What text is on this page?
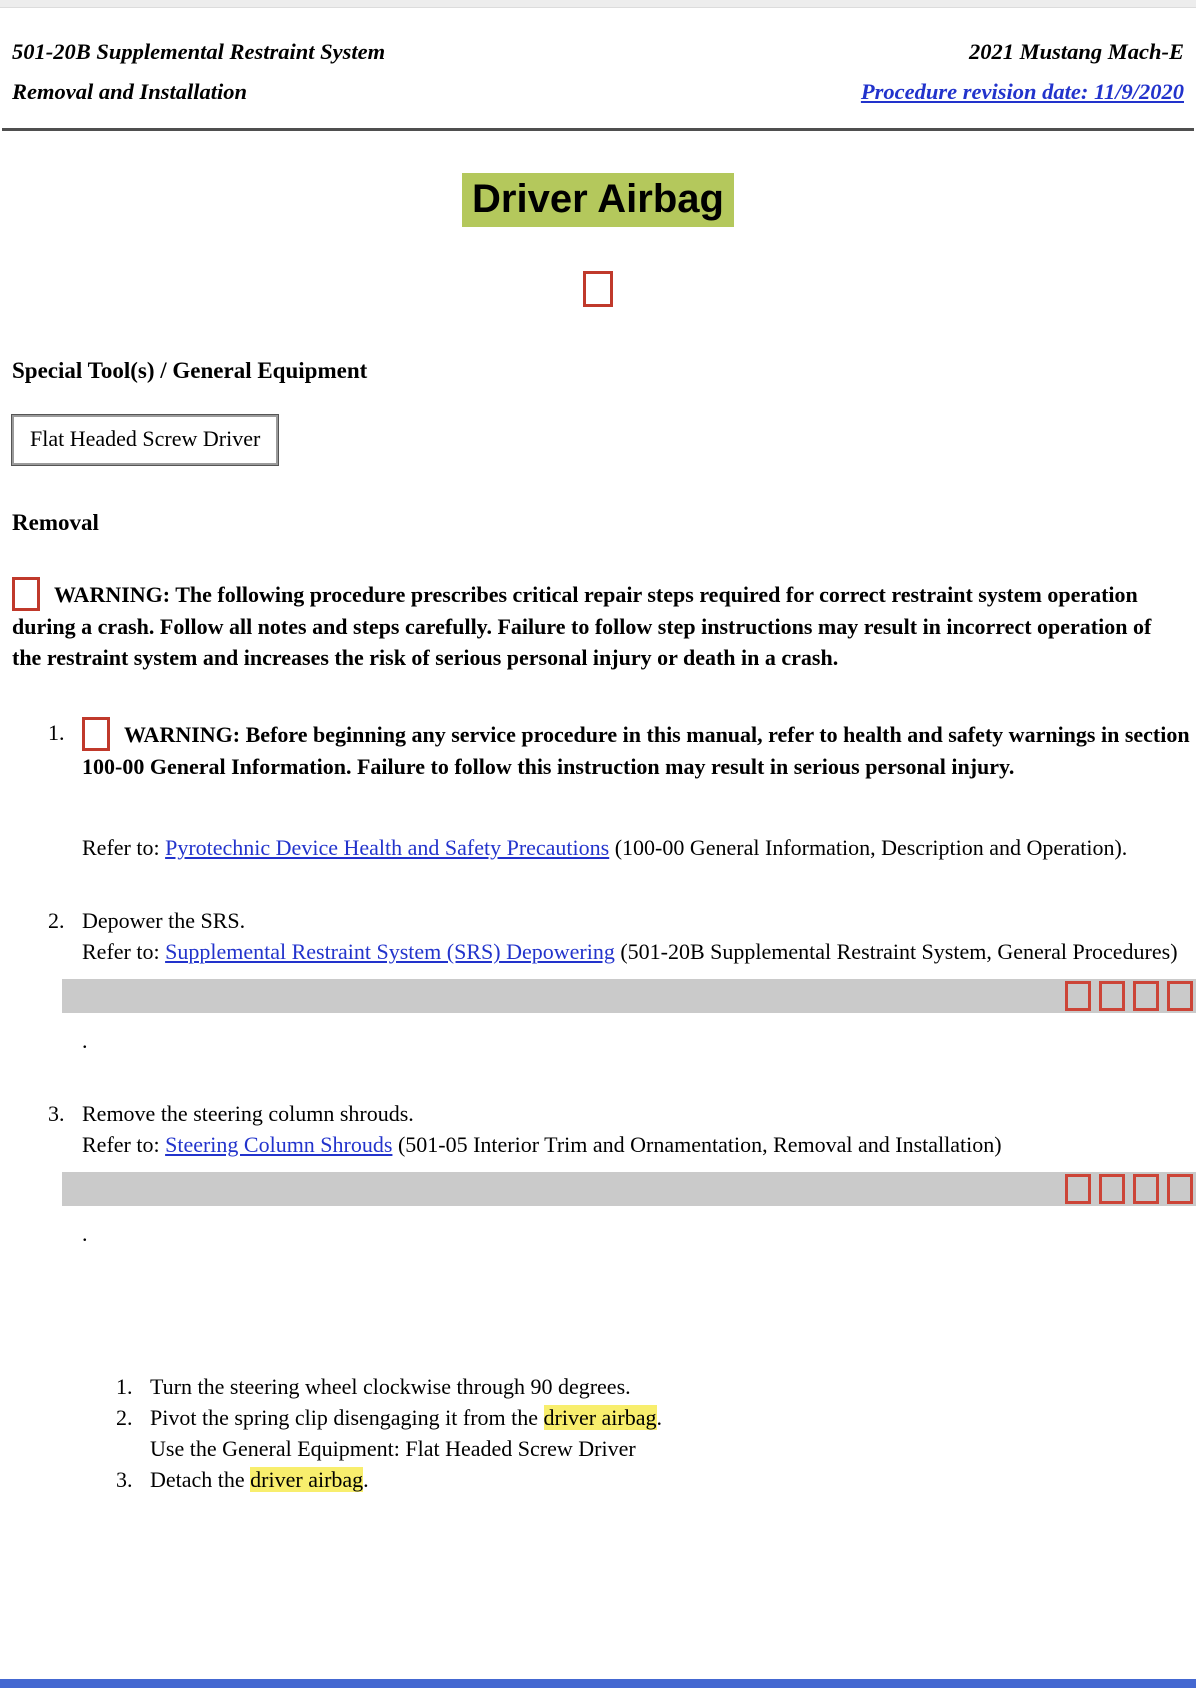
501-20B Supplemental Restraint System
Removal and Installation
2021 Mustang Mach-E
Procedure revision date: 11/9/2020
Driver Airbag
Special Tool(s) / General Equipment
Flat Headed Screw Driver
Removal

WARNING: The following procedure prescribes critical repair steps required for correct restraint system operation during a crash. Follow all notes and steps carefully. Failure to follow step instructions may result in incorrect operation of the restraint system and increases the risk of serious personal injury or death in a crash.

1.	WARNING: Before beginning any service procedure in this manual, refer to health and safety warnings in section 100-00 General Information. Failure to follow this instruction may result in serious personal injury.

Refer to: Pyrotechnic Device Health and Safety Precautions (100-00 General Information, Description and Operation).

2. Depower the SRS.

Refer to: Supplemental Restraint System (SRS) Depowering (501-20B Supplemental Restraint System, General Procedures)

.

3. Remove the steering column shrouds.

Refer to: Steering Column Shrouds (501-05 Interior Trim and Ornamentation, Removal and Installation)

.

1. Turn the steering wheel clockwise through 90 degrees.

2. Pivot the spring clip disengaging it from the driver airbag.

Use the General Equipment: Flat Headed Screw Driver

3. Detach the driver airbag.
